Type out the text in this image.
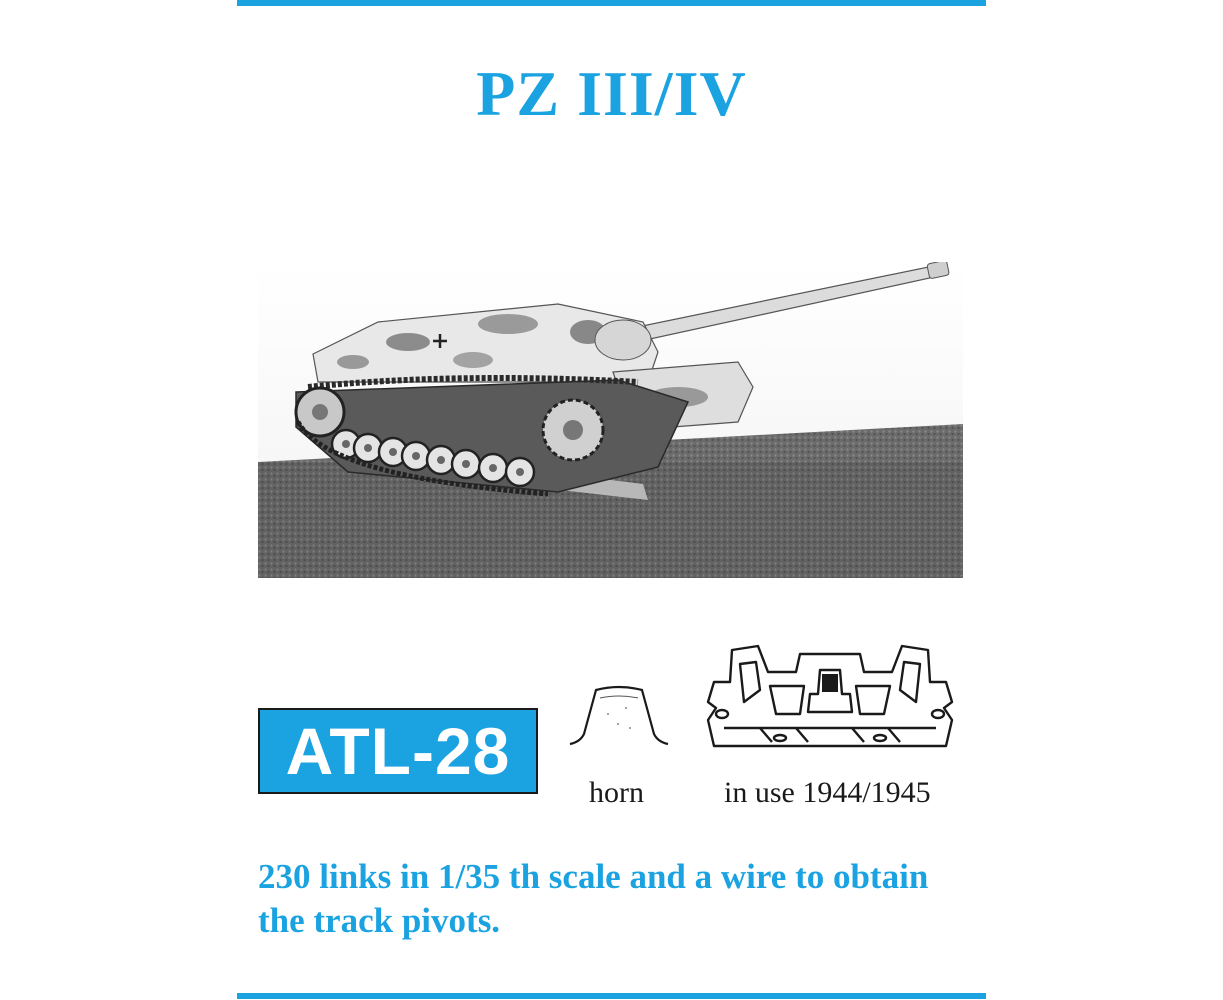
PZ III/IV
ATL-28
horn	in use 1944/1945
230 links in 1/35 th scale and a wire to obtain the track pivots.
